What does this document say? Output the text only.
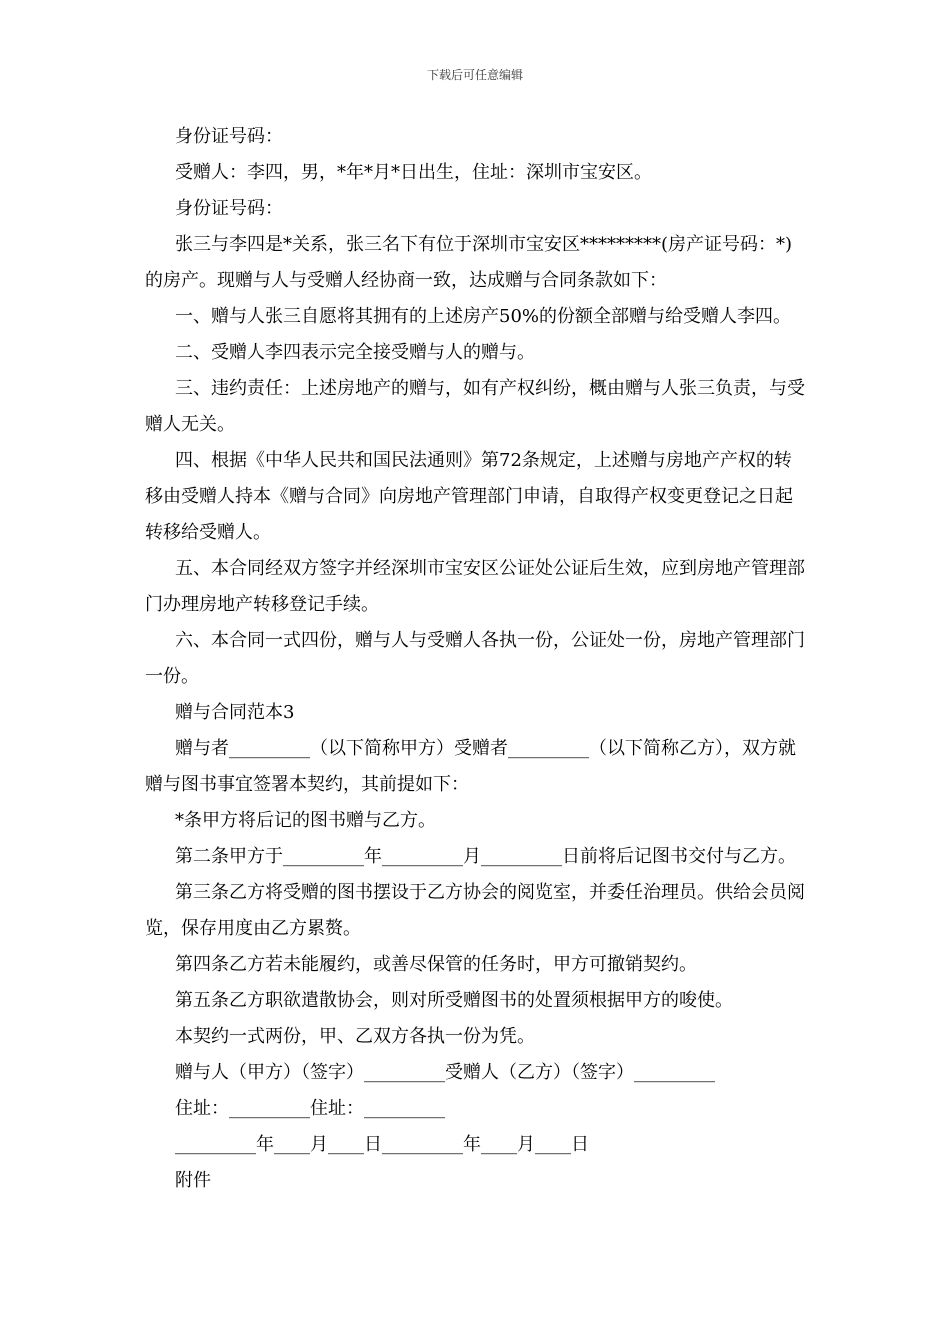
下载后可任意编辑

身份证号码：

受赠人：李四，男，*年*月*日出生，住址：深圳市宝安区。

身份证号码：

张三与李四是*关系，张三名下有位于深圳市宝安区*********(房产证号码：*)的房产。现赠与人与受赠人经协商一致，达成赠与合同条款如下：

一、赠与人张三自愿将其拥有的上述房产50%的份额全部赠与给受赠人李四。

二、受赠人李四表示完全接受赠与人的赠与。

三、违约责任：上述房地产的赠与，如有产权纠纷，概由赠与人张三负责，与受赠人无关。

四、根据《中华人民共和国民法通则》第72条规定，上述赠与房地产产权的转移由受赠人持本《赠与合同》向房地产管理部门申请，自取得产权变更登记之日起转移给受赠人。

五、本合同经双方签字并经深圳市宝安区公证处公证后生效，应到房地产管理部门办理房地产转移登记手续。

六、本合同一式四份，赠与人与受赠人各执一份，公证处一份，房地产管理部门一份。

赠与合同范本3

赠与者_________（以下简称甲方）受赠者_________（以下简称乙方），双方就赠与图书事宜签署本契约，其前提如下：

*条甲方将后记的图书赠与乙方。

第二条甲方于_________年_________月_________日前将后记图书交付与乙方。

第三条乙方将受赠的图书摆设于乙方协会的阅览室，并委任治理员。供给会员阅览，保存用度由乙方累赘。

第四条乙方若未能履约，或善尽保管的任务时，甲方可撤销契约。

第五条乙方职欲遣散协会，则对所受赠图书的处置须根据甲方的唆使。

本契约一式两份，甲、乙双方各执一份为凭。

赠与人（甲方）（签字）_________受赠人（乙方）（签字）_________

住址：_________住址：_________

_________年____月____日_________年____月____日

附件
